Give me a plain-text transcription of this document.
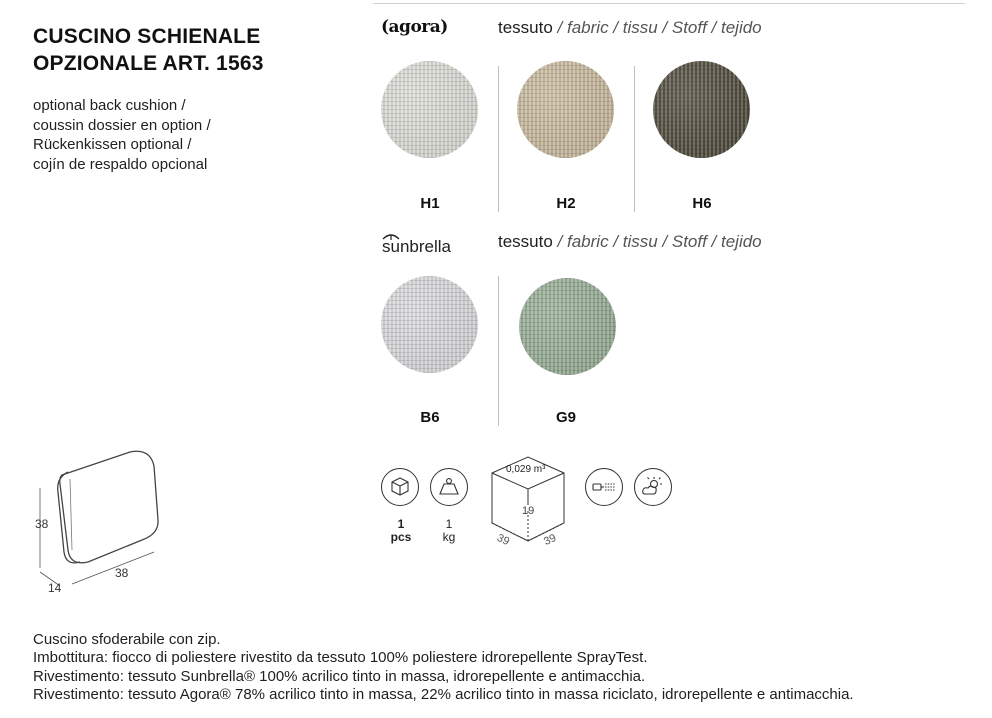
CUSCINO SCHIENALE
OPZIONALE ART. 1563
optional back cushion /
coussin dossier en option /
Rückenkissen optional /
cojín de respaldo opcional
(agora)	tessuto / fabric / tissu / Stoff / tejido
H1	H2	H6
sunbrella	tessuto / fabric / tissu / Stoff / tejido
B6	G9
38
14
38
1
pcs
1
kg
0,029 m³
19
39	39
Cuscino sfoderabile con zip.
Imbottitura: fiocco di poliestere rivestito da tessuto 100% poliestere idrorepellente SprayTest.
Rivestimento: tessuto Sunbrella® 100% acrilico tinto in massa, idrorepellente e antimacchia.
Rivestimento: tessuto Agora® 78% acrilico tinto in massa, 22% acrilico tinto in massa riciclato, idrorepellente e antimacchia.
